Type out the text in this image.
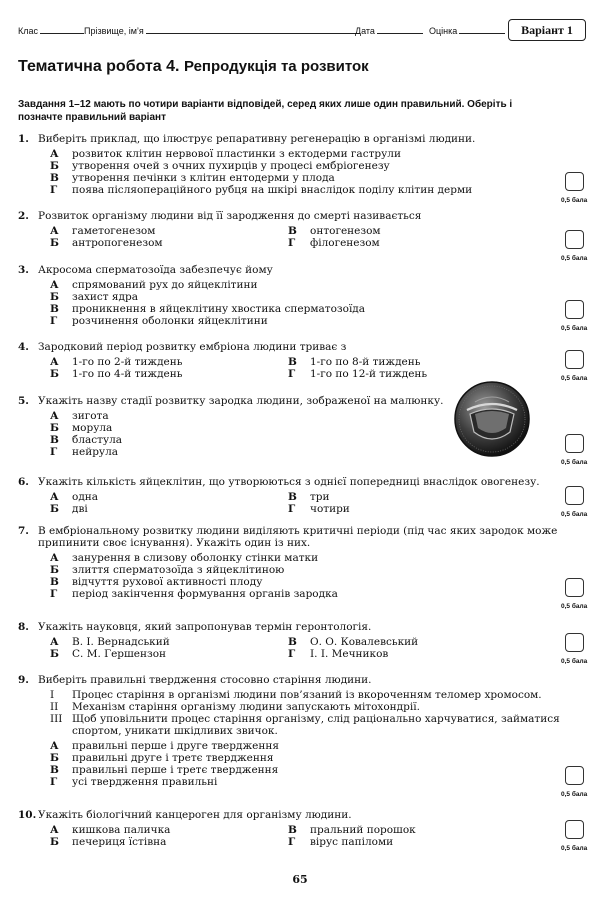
Клас	Прізвище, ім’я	Дата	Оцінка	Варіант 1
Тематична робота 4. Репродукція та розвиток
Завдання 1–12 мають по чотири варіанти відповідей, серед яких лише один правильний. Оберіть і позначте правильний варіант
1. Виберіть приклад, що ілюструє репаративну регенерацію в організмі людини.
А розвиток клітин нервової пластинки з ектодерми гаструли
Б утворення очей з очних пухирців у процесі ембріогенезу
В утворення печінки з клітин ентодерми у плода
Г поява післяопераційного рубця на шкірі внаслідок поділу клітин дерми
0,5 бала
2. Розвиток організму людини від її зародження до смерті називається
А гаметогенезом	В онтогенезом
Б антропогенезом	Г філогенезом
0,5 бала
3. Акросома сперматозоїда забезпечує йому
А спрямований рух до яйцеклітини
Б захист ядра
В проникнення в яйцеклітину хвостика сперматозоїда
Г розчинення оболонки яйцеклітини
0,5 бала
4. Зародковий період розвитку ембріона людини триває з
А 1-го по 2-й тиждень	В 1-го по 8-й тиждень
Б 1-го по 4-й тиждень	Г 1-го по 12-й тиждень	0,5 бала
5. Укажіть назву стадії розвитку зародка людини, зображеної на малюнку.
А зигота
Б морула
В бластула
Г нейрула
0,5 бала
6. Укажіть кількість яйцеклітин, що утворюються з однієї попередниці внаслідок овогенезу.
А одна	В три
Б дві	Г чотири	0,5 бала
7. В ембріональному розвитку людини виділяють критичні періоди (під час яких зародок може припинити своє існування). Укажіть один із них.
А занурення в слизову оболонку стінки матки
Б злиття сперматозоїда з яйцеклітиною
В відчуття рухової активності плоду
Г період закінчення формування органів зародка
0,5 бала
8. Укажіть науковця, який запропонував термін геронтологія.
А В. І. Вернадський	В О. О. Ковалевський
Б С. М. Гершензон	Г І. І. Мечников
0,5 бала
9. Виберіть правильні твердження стосовно старіння людини.
І Процес старіння в організмі людини пов’язаний із вкороченням теломер хромосом.
ІІ Механізм старіння організму людини запускають мітохондрії.
ІІІ Щоб уповільнити процес старіння організму, слід раціонально харчуватися, займатися спортом, уникати шкідливих звичок.
А правильні перше і друге твердження
Б правильні друге і третє твердження
В правильні перше і третє твердження
Г усі твердження правильні
0,5 бала
10. Укажіть біологічний канцероген для організму людини.
А кишкова паличка	В пральний порошок
Б печериця їстівна	Г вірус папіломи
0,5 бала
65
